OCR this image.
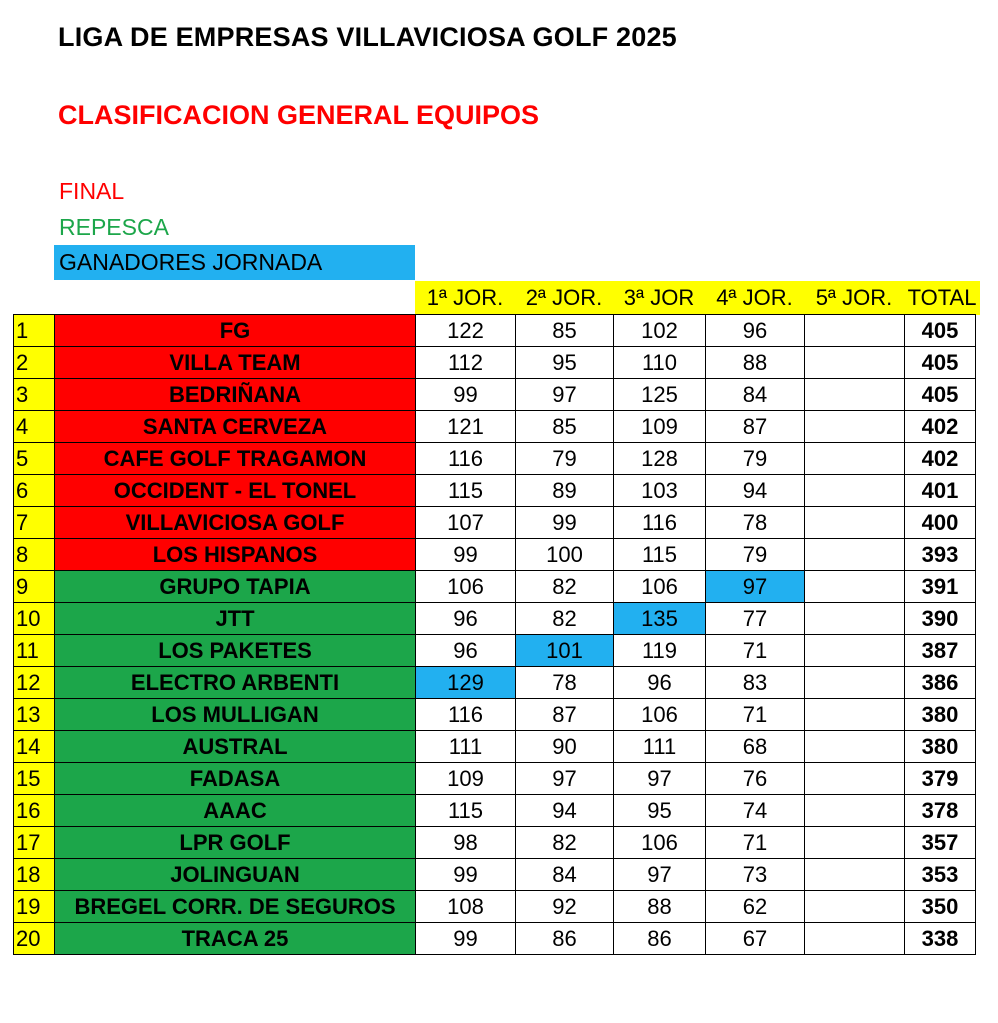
LIGA DE EMPRESAS VILLAVICIOSA GOLF 2025
CLASIFICACION GENERAL EQUIPOS
FINAL
REPESCA
GANADORES JORNADA
1ª JOR.	2ª JOR. 3ª JOR 4ª JOR.	5ª JOR. TOTAL
1	FG	122	85	102	96		405
2	VILLA TEAM	112	95	110	88		405
3	BEDRIÑANA	99	97	125	84		405
4	SANTA CERVEZA	121	85	109	87		402
5	CAFE GOLF TRAGAMON	116	79	128	79		402
6	OCCIDENT - EL TONEL	115	89	103	94		401
7	VILLAVICIOSA GOLF	107	99	116	78		400
8	LOS HISPANOS	99	100	115	79		393
9	GRUPO TAPIA	106	82	106	97		391
10	JTT	96	82	135	77		390
11	LOS PAKETES	96	101	119	71		387
12	ELECTRO ARBENTI	129	78	96	83		386
13	LOS MULLIGAN	116	87	106	71		380
14	AUSTRAL	111	90	111	68		380
15	FADASA	109	97	97	76		379
16	AAAC	115	94	95	74		378
17	LPR GOLF	98	82	106	71		357
18	JOLINGUAN	99	84	97	73		353
19	BREGEL CORR. DE SEGUROS	108	92	88	62		350
20	TRACA 25	99	86	86	67		338
